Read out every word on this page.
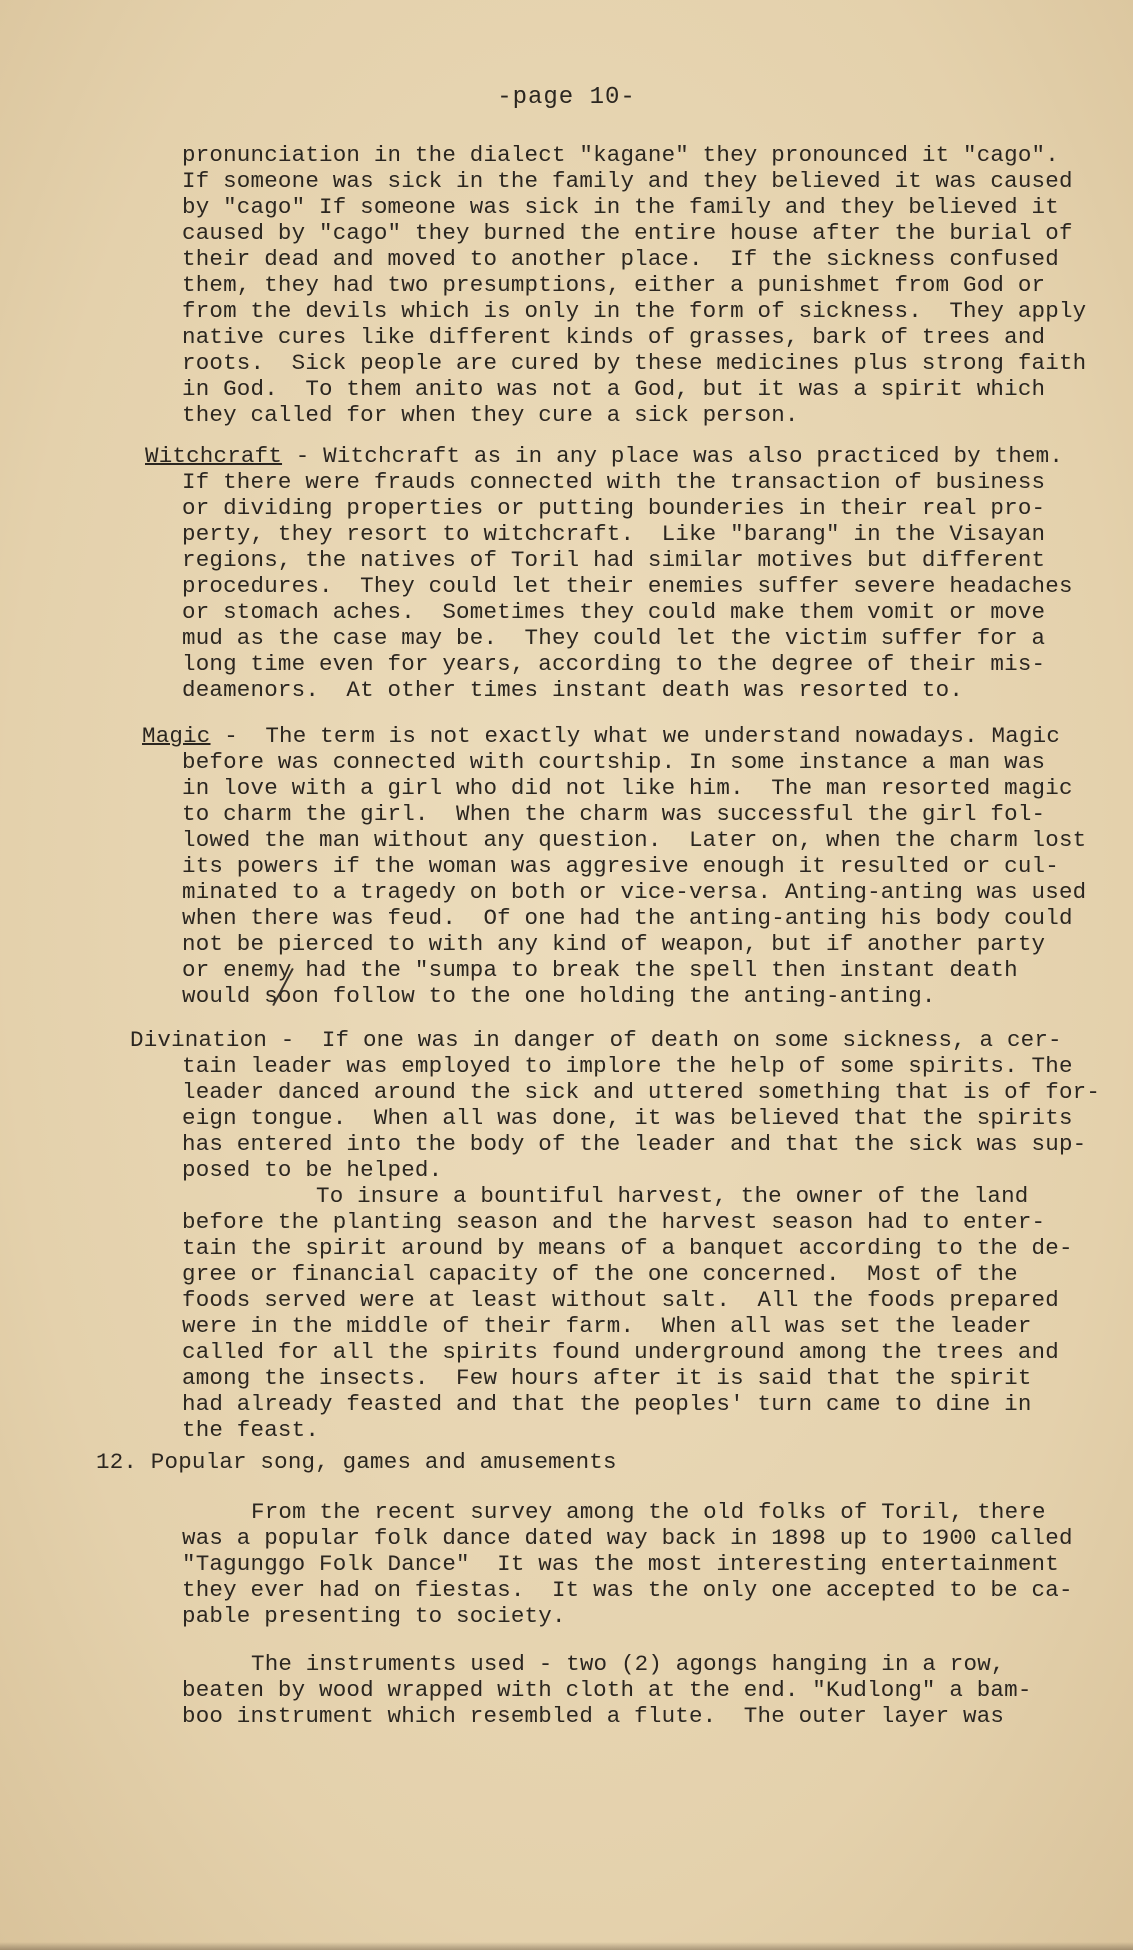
-page 10-
pronunciation in the dialect "kagane" they pronounced it "cago".
If someone was sick in the family and they believed it was caused
by "cago" If someone was sick in the family and they believed it
caused by "cago" they burned the entire house after the burial of
their dead and moved to another place.  If the sickness confused
them, they had two presumptions, either a punishmet from God or
from the devils which is only in the form of sickness.  They apply
native cures like different kinds of grasses, bark of trees and
roots.  Sick people are cured by these medicines plus strong faith
in God.  To them anito was not a God, but it was a spirit which
they called for when they cure a sick person.
Witchcraft - Witchcraft as in any place was also practiced by them.
If there were frauds connected with the transaction of business
or dividing properties or putting bounderies in their real pro-
perty, they resort to witchcraft.  Like "barang" in the Visayan
regions, the natives of Toril had similar motives but different
procedures.  They could let their enemies suffer severe headaches
or stomach aches.  Sometimes they could make them vomit or move
mud as the case may be.  They could let the victim suffer for a
long time even for years, according to the degree of their mis-
deamenors.  At other times instant death was resorted to.
Magic -  The term is not exactly what we understand nowadays. Magic
before was connected with courtship. In some instance a man was
in love with a girl who did not like him.  The man resorted magic
to charm the girl.  When the charm was successful the girl fol-
lowed the man without any question.  Later on, when the charm lost
its powers if the woman was aggresive enough it resulted or cul-
minated to a tragedy on both or vice-versa. Anting-anting was used
when there was feud.  Of one had the anting-anting his body could
not be pierced to with any kind of weapon, but if another party
or enemy had the "sumpa to break the spell then instant death
would soon follow to the one holding the anting-anting.
Divination -  If one was in danger of death on some sickness, a cer-
tain leader was employed to implore the help of some spirits. The
leader danced around the sick and uttered something that is of for-
eign tongue.  When all was done, it was believed that the spirits
has entered into the body of the leader and that the sick was sup-
posed to be helped.
To insure a bountiful harvest, the owner of the land
before the planting season and the harvest season had to enter-
tain the spirit around by means of a banquet according to the de-
gree or financial capacity of the one concerned.  Most of the
foods served were at least without salt.  All the foods prepared
were in the middle of their farm.  When all was set the leader
called for all the spirits found underground among the trees and
among the insects.  Few hours after it is said that the spirit
had already feasted and that the peoples' turn came to dine in
the feast.
12. Popular song, games and amusements
From the recent survey among the old folks of Toril, there
was a popular folk dance dated way back in 1898 up to 1900 called
"Tagunggo Folk Dance"  It was the most interesting entertainment
they ever had on fiestas.  It was the only one accepted to be ca-
pable presenting to society.
The instruments used - two (2) agongs hanging in a row,
beaten by wood wrapped with cloth at the end. "Kudlong" a bam-
boo instrument which resembled a flute.  The outer layer was
